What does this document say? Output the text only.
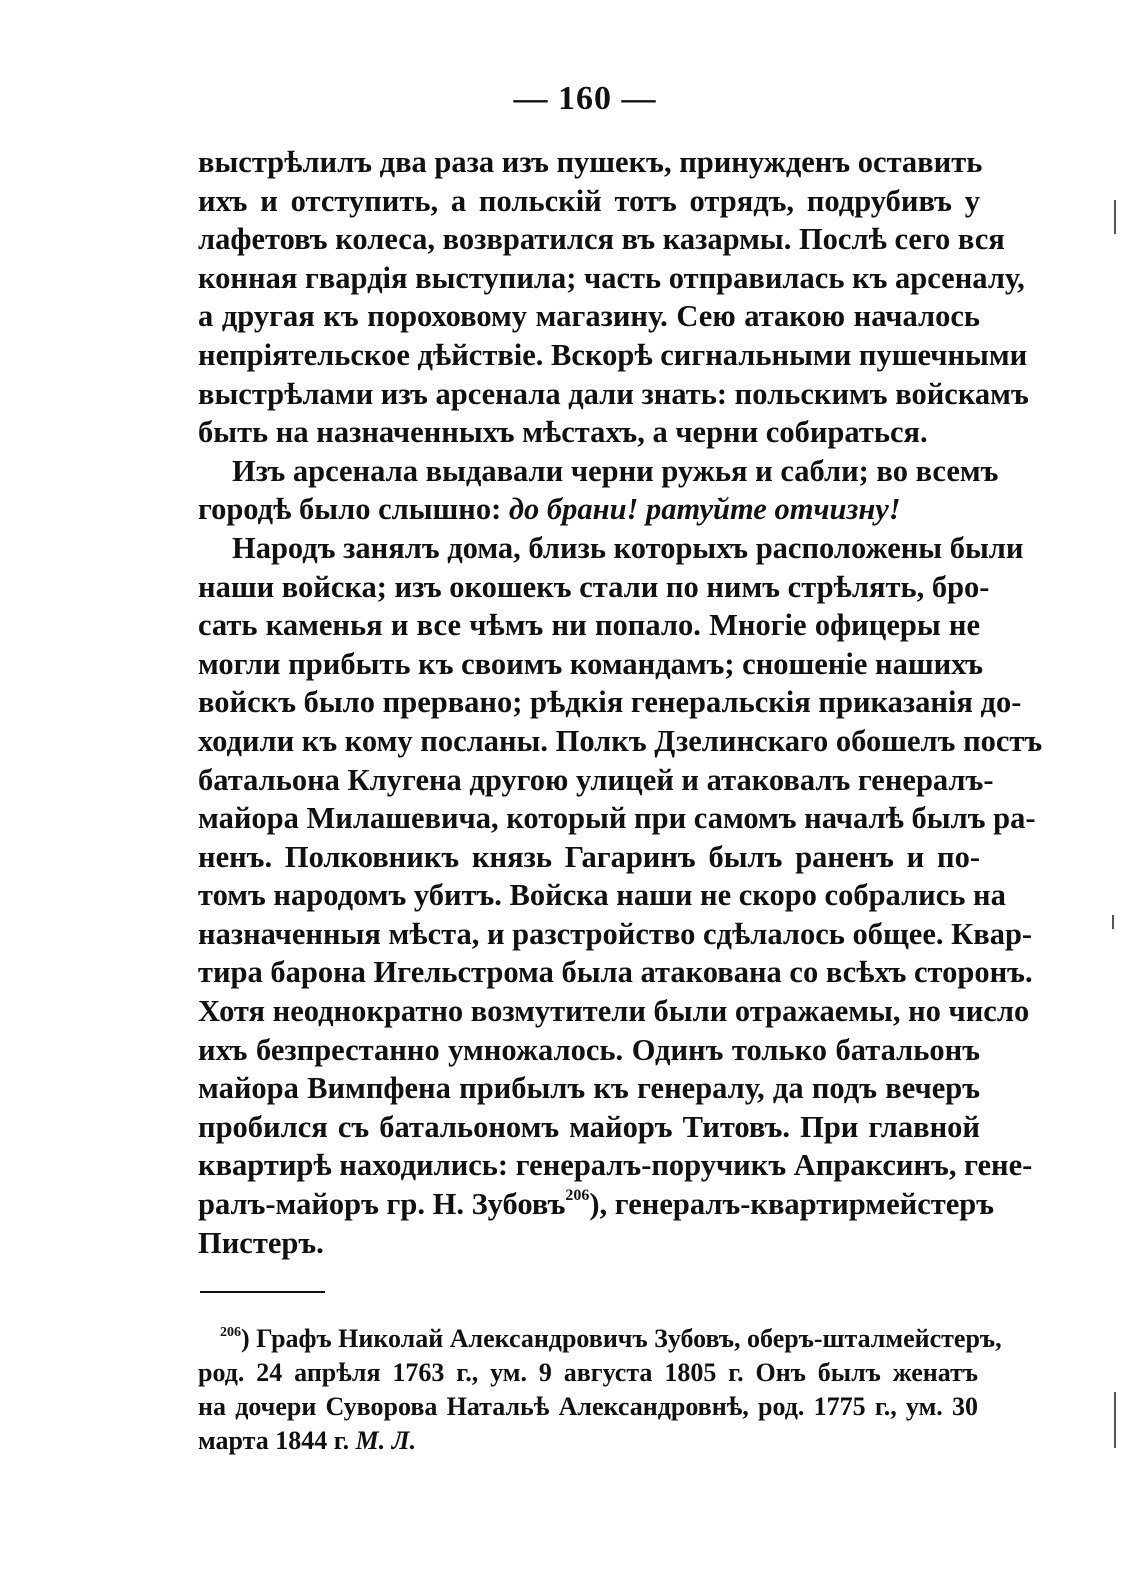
— 160 —

выстрѣлилъ два раза изъ пушекъ, принужденъ оставить
ихъ и отступить, а польскій тотъ отрядъ, подрубивъ у
лафетовъ колеса, возвратился въ казармы. Послѣ сего вся
конная гвардія выступила; часть отправилась къ арсеналу,
а другая къ пороховому магазину. Сею атакою началось
непріятельское дѣйствіе. Вскорѣ сигнальными пушечными
выстрѣлами изъ арсенала дали знать: польскимъ войскамъ
быть на назначенныхъ мѣстахъ, а черни собираться.

Изъ арсенала выдавали черни ружья и сабли; во всемъ
городѣ было слышно: до брани! ратуйте отчизну!

Народъ занялъ дома, близь которыхъ расположены были
наши войска; изъ окошекъ стали по нимъ стрѣлять, бро-
сать каменья и все чѣмъ ни попало. Многіе офицеры не
могли прибыть къ своимъ командамъ; сношеніе нашихъ
войскъ было прервано; рѣдкія генеральскія приказанія до-
ходили къ кому посланы. Полкъ Дзелинскаго обошелъ постъ
батальона Клугена другою улицей и атаковалъ генералъ-
майора Милашевича, который при самомъ началѣ былъ ра-
ненъ. Полковникъ князь Гагаринъ былъ раненъ и по-
томъ народомъ убитъ. Войска наши не скоро собрались на
назначенныя мѣста, и разстройство сдѣлалось общее. Квар-
тира барона Игельстрома была атакована со всѣхъ сторонъ.
Хотя неоднократно возмутители были отражаемы, но число
ихъ безпрестанно умножалось. Одинъ только батальонъ
майора Вимпфена прибылъ къ генералу, да подъ вечеръ
пробился съ батальономъ майоръ Титовъ. При главной
квартирѣ находились: генералъ-поручикъ Апраксинъ, гене-
ралъ-майоръ гр. Н. Зубовъ$^{206}$), генералъ-квартирмейстеръ
Пистеръ.

$^{206}$) Графъ Николай Александровичъ Зубовъ, оберъ-шталмейстеръ,
род. 24 апрѣля 1763 г., ум. 9 августа 1805 г. Онъ былъ женатъ
на дочери Суворова Натальѣ Александровнѣ, род. 1775 г., ум. 30
марта 1844 г. М. Л.
